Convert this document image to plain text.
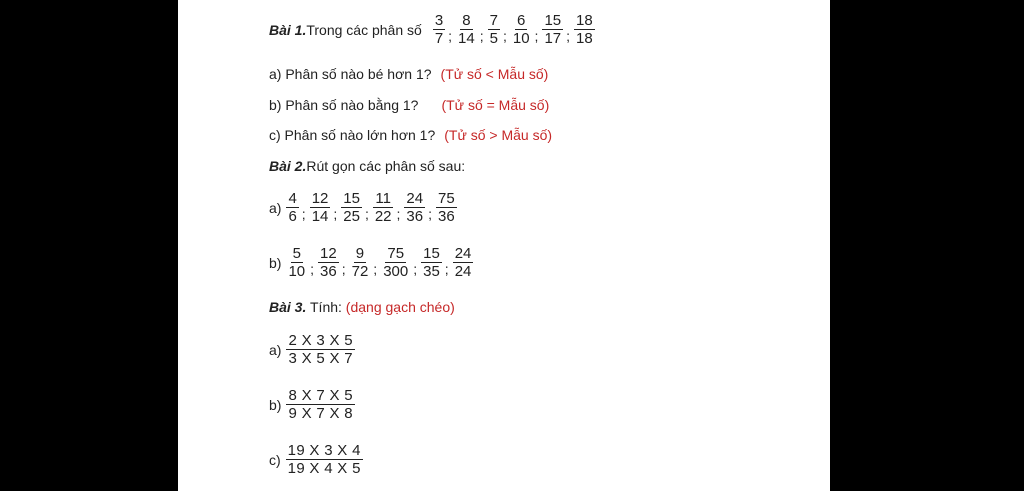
Bài 1. Trong các phân số $\frac{3}{7}$ ; $\frac{8}{14}$ ; $\frac{7}{5}$ ; $\frac{6}{10}$ ; $\frac{15}{17}$ ; $\frac{18}{18}$
a) Phân số nào bé hơn 1? (Tử số < Mẫu số)
b) Phân số nào bằng 1? (Tử số = Mẫu số)
c) Phân số nào lớn hơn 1? (Tử số > Mẫu số)
Bài 2. Rút gọn các phân số sau:
$a) \frac{4}{6}$ ; $\frac{12}{14}$ ; $\frac{15}{25}$ ; $\frac{11}{22}$ ; $\frac{24}{36}$ ; $\frac{75}{36}$
$b) \frac{5}{10}$ ; $\frac{12}{36}$ ; $\frac{9}{72}$ ; $\frac{75}{300}$ ; $\frac{15}{35}$ ; $\frac{24}{24}$
Bài 3. Tính: (dạng gạch chéo)
$a) \frac{2 X 3 X 5}{3 X 5 X 7}$
$b) \frac{8 X 7 X 5}{9 X 7 X 8}$
$c) \frac{19 X 3 X 4}{19 X 4 X 5}$
